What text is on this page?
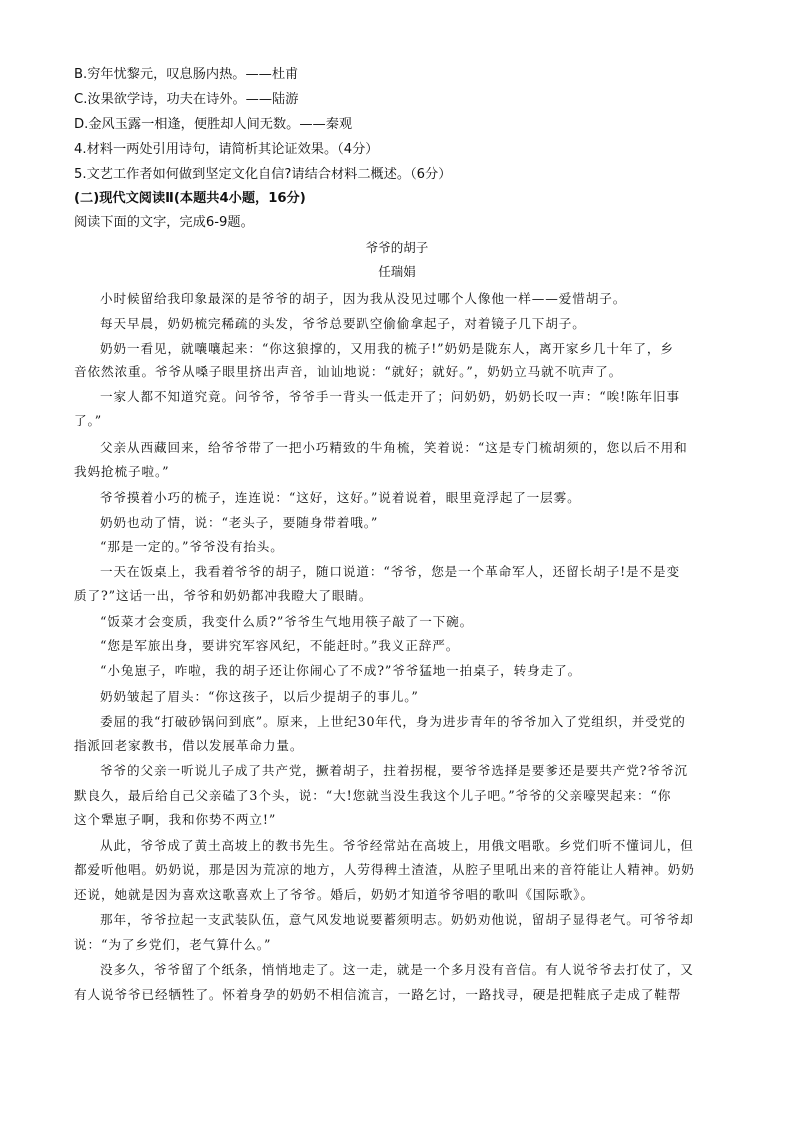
B.穷年忧黎元，叹息肠内热。——杜甫
C.汝果欲学诗，功夫在诗外。——陆游
D.金风玉露一相逢，便胜却人间无数。——秦观
4.材料一两处引用诗句，请简析其论证效果。（4分）
5.文艺工作者如何做到坚定文化自信?请结合材料二概述。（6分）
(二)现代文阅读Ⅱ(本题共4小题，16分)
阅读下面的文字，完成6-9题。
爷爷的胡子
任瑞娟
小时候留给我印象最深的是爷爷的胡子，因为我从没见过哪个人像他一样——爱惜胡子。
每天早晨，奶奶梳完稀疏的头发，爷爷总要趴空偷偷拿起子，对着镜子几下胡子。
奶奶一看见，就嚷嚷起来：“你这狼撑的，又用我的梳子!”奶奶是陇东人，离开家乡几十年了，乡
音依然浓重。爷爷从嗓子眼里挤出声音，讪讪地说：“就好；就好。”，奶奶立马就不吭声了。
一家人都不知道究竟。问爷爷，爷爷手一背头一低走开了；问奶奶，奶奶长叹一声：“唉!陈年旧事
了。”
父亲从西藏回来，给爷爷带了一把小巧精致的牛角梳，笑着说：“这是专门梳胡须的，您以后不用和
我妈抢梳子啦。”
爷爷摸着小巧的梳子，连连说：“这好，这好。”说着说着，眼里竟浮起了一层雾。
奶奶也动了情，说：“老头子，要随身带着哦。”
“那是一定的。”爷爷没有抬头。
一天在饭桌上，我看着爷爷的胡子，随口说道：“爷爷，您是一个革命军人，还留长胡子!是不是变
质了?”这话一出，爷爷和奶奶都冲我瞪大了眼睛。
“饭菜才会变质，我变什么质?”爷爷生气地用筷子敲了一下碗。
“您是军旅出身，要讲究军容风纪，不能赶时。”我义正辞严。
“小兔崽子，咋啦，我的胡子还让你闹心了不成?”爷爷猛地一拍桌子，转身走了。
奶奶皱起了眉头：“你这孩子，以后少提胡子的事儿。”
委屈的我“打破砂锅问到底”。原来，上世纪30年代，身为进步青年的爷爷加入了党组织，并受党的
指派回老家教书，借以发展革命力量。
爷爷的父亲一听说儿子成了共产党，撅着胡子，拄着拐棍，要爷爷选择是要爹还是要共产党?爷爷沉
默良久，最后给自己父亲磕了3个头，说：“大!您就当没生我这个儿子吧。”爷爷的父亲嚎哭起来：“你
这个犟崽子啊，我和你势不两立!”
从此，爷爷成了黄土高坡上的教书先生。爷爷经常站在高坡上，用俄文唱歌。乡党们听不懂词儿，但
都爱听他唱。奶奶说，那是因为荒凉的地方，人劳得稗土渣渣，从腔子里吼出来的音符能让人精神。奶奶
还说，她就是因为喜欢这歌喜欢上了爷爷。婚后，奶奶才知道爷爷唱的歌叫《国际歌》。
那年，爷爷拉起一支武装队伍，意气风发地说要蓄须明志。奶奶劝他说，留胡子显得老气。可爷爷却
说：“为了乡党们，老气算什么。”
没多久，爷爷留了个纸条，悄悄地走了。这一走，就是一个多月没有音信。有人说爷爷去打仗了，又
有人说爷爷已经牺牲了。怀着身孕的奶奶不相信流言，一路乞讨，一路找寻，硬是把鞋底子走成了鞋帮
